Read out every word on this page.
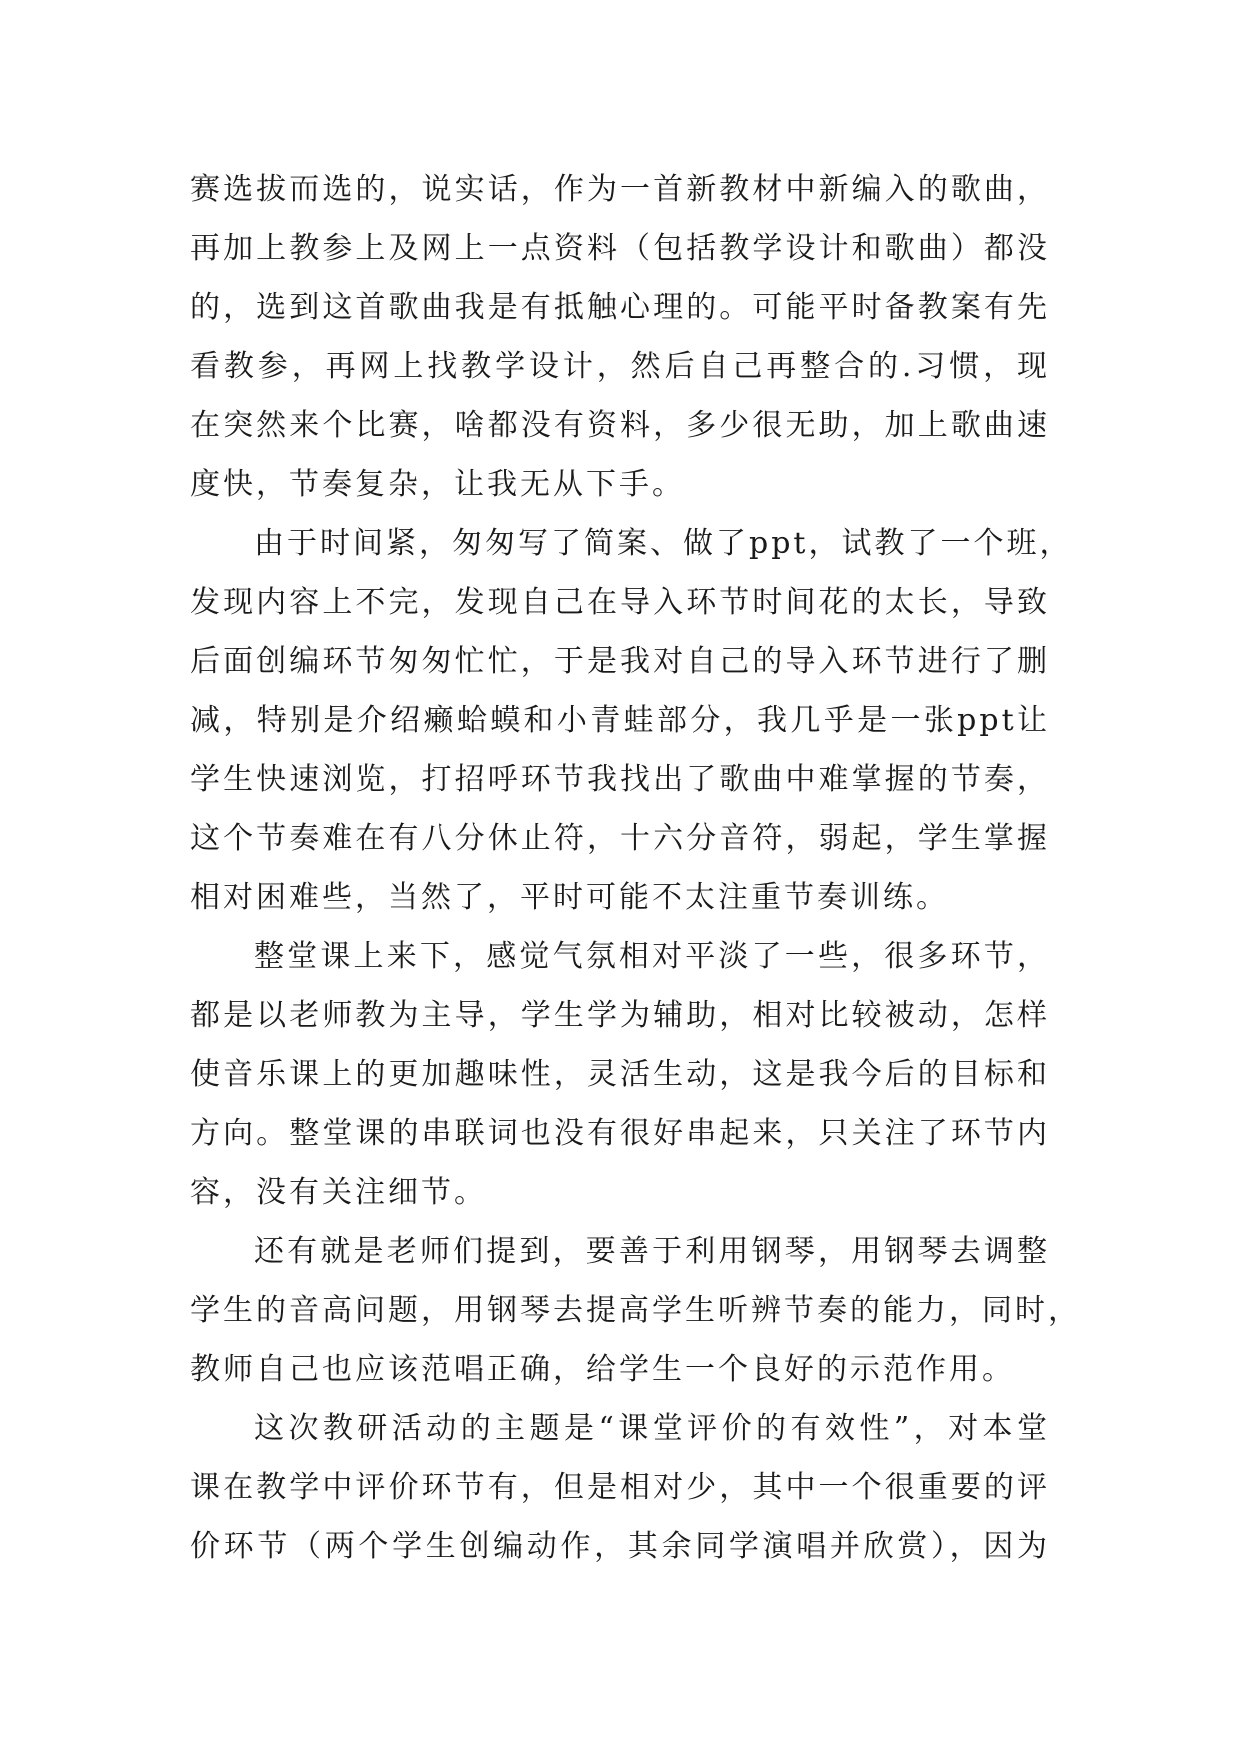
赛选拔而选的，说实话，作为一首新教材中新编入的歌曲，
再加上教参上及网上一点资料（包括教学设计和歌曲）都没
的，选到这首歌曲我是有抵触心理的。可能平时备教案有先
看教参，再网上找教学设计，然后自己再整合的.习惯，现
在突然来个比赛，啥都没有资料，多少很无助，加上歌曲速
度快，节奏复杂，让我无从下手。
由于时间紧，匆匆写了简案、做了ppt，试教了一个班，
发现内容上不完，发现自己在导入环节时间花的太长，导致
后面创编环节匆匆忙忙，于是我对自己的导入环节进行了删
减，特别是介绍癞蛤蟆和小青蛙部分，我几乎是一张ppt让
学生快速浏览，打招呼环节我找出了歌曲中难掌握的节奏，
这个节奏难在有八分休止符，十六分音符，弱起，学生掌握
相对困难些，当然了，平时可能不太注重节奏训练。
整堂课上来下，感觉气氛相对平淡了一些，很多环节，
都是以老师教为主导，学生学为辅助，相对比较被动，怎样
使音乐课上的更加趣味性，灵活生动，这是我今后的目标和
方向。整堂课的串联词也没有很好串起来，只关注了环节内
容，没有关注细节。
还有就是老师们提到，要善于利用钢琴，用钢琴去调整
学生的音高问题，用钢琴去提高学生听辨节奏的能力，同时，
教师自己也应该范唱正确，给学生一个良好的示范作用。
这次教研活动的主题是“课堂评价的有效性”，对本堂
课在教学中评价环节有，但是相对少，其中一个很重要的评
价环节（两个学生创编动作，其余同学演唱并欣赏），因为
